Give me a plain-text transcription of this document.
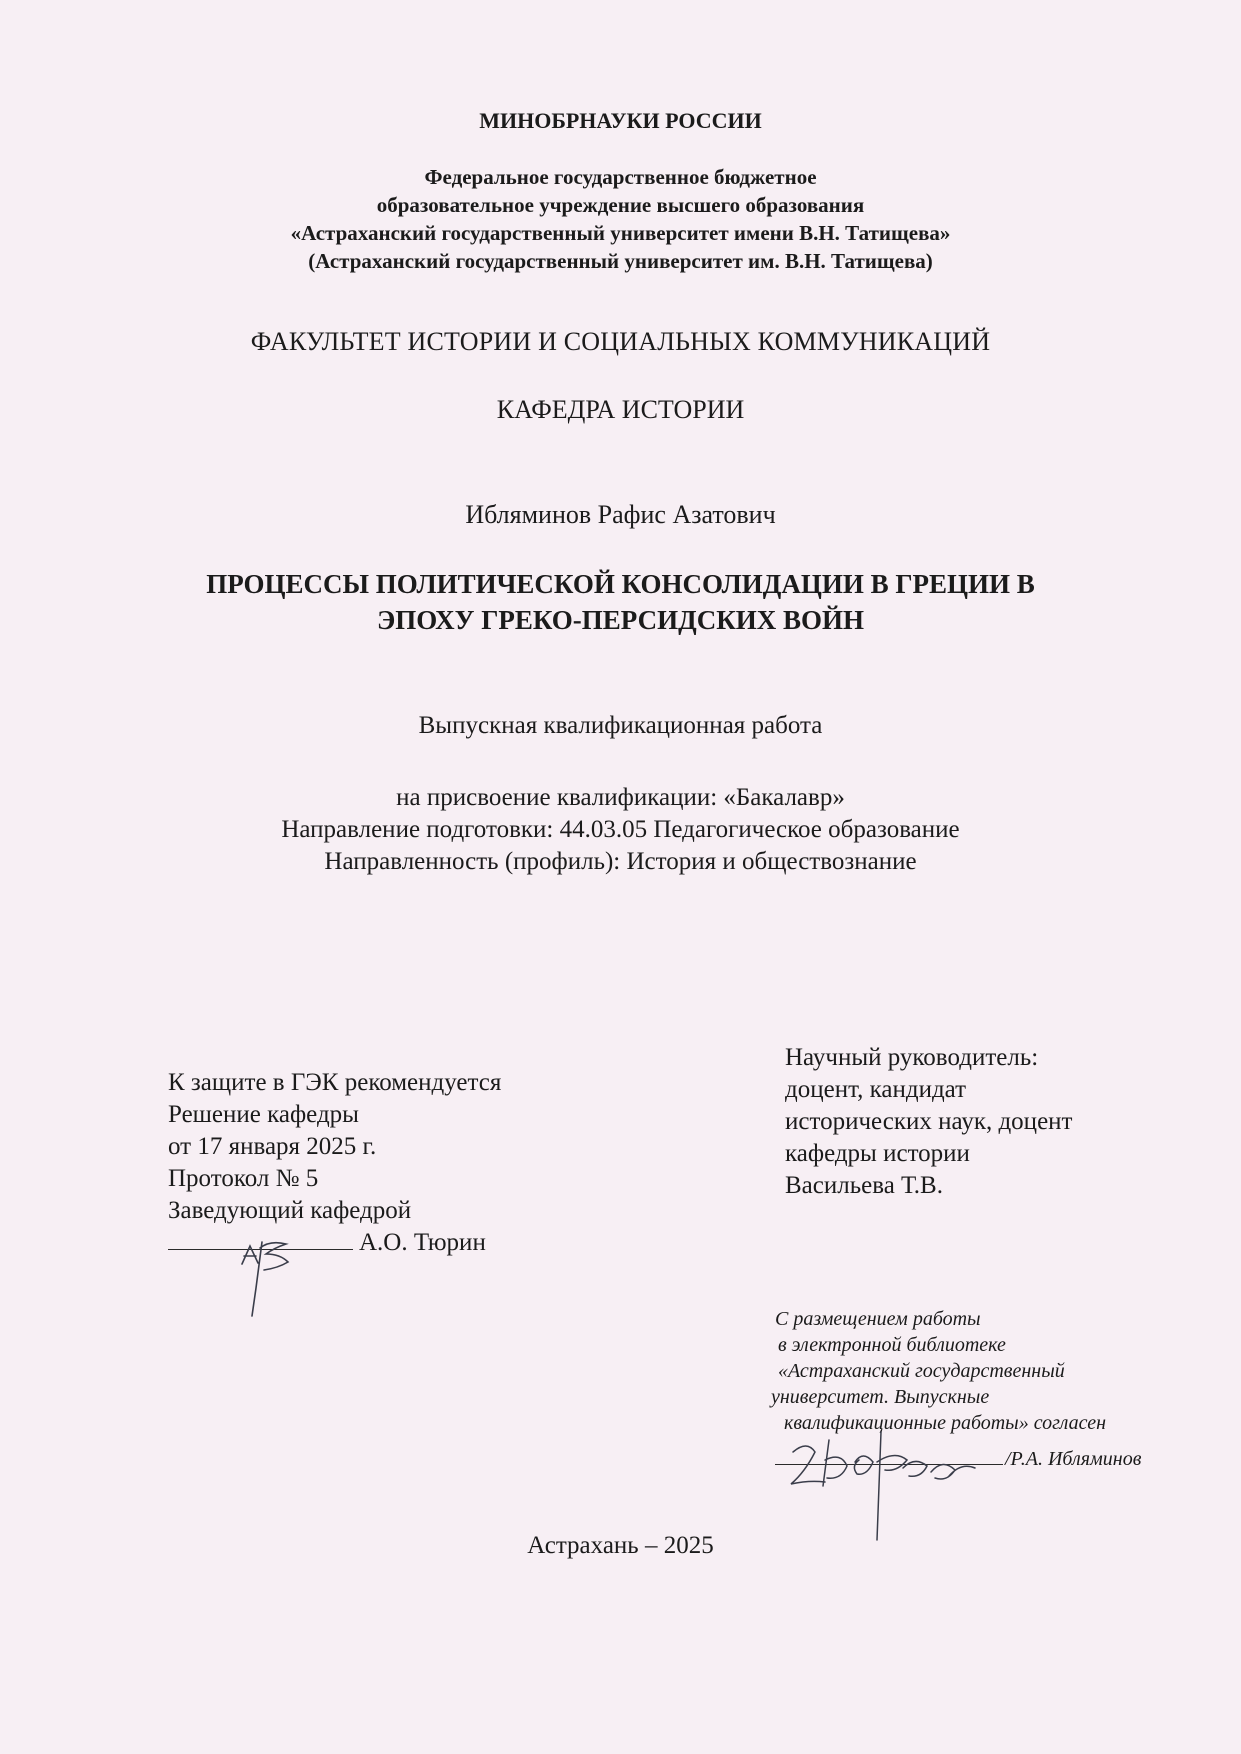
МИНОБРНАУКИ РОССИИ
Федеральное государственное бюджетное
образовательное учреждение высшего образования
«Астраханский государственный университет имени В.Н. Татищева»
(Астраханский государственный университет им. В.Н. Татищева)
ФАКУЛЬТЕТ ИСТОРИИ И СОЦИАЛЬНЫХ КОММУНИКАЦИЙ
КАФЕДРА ИСТОРИИ
Ибляминов Рафис Азатович
ПРОЦЕССЫ ПОЛИТИЧЕСКОЙ КОНСОЛИДАЦИИ В ГРЕЦИИ В
ЭПОХУ ГРЕКО-ПЕРСИДСКИХ ВОЙН
Выпускная квалификационная работа
на присвоение квалификации: «Бакалавр»
Направление подготовки: 44.03.05 Педагогическое образование
Направленность (профиль): История и обществознание
К защите в ГЭК рекомендуется
Решение кафедры
от 17 января 2025 г.
Протокол № 5
Заведующий кафедрой
А.О. Тюрин
Научный руководитель:
доцент, кандидат
исторических наук, доцент
кафедры истории
Васильева Т.В.
С размещением работы
в электронной библиотеке
«Астраханский государственный
университет. Выпускные
квалификационные работы» согласен
/Р.А. Ибляминов
Астрахань – 2025
